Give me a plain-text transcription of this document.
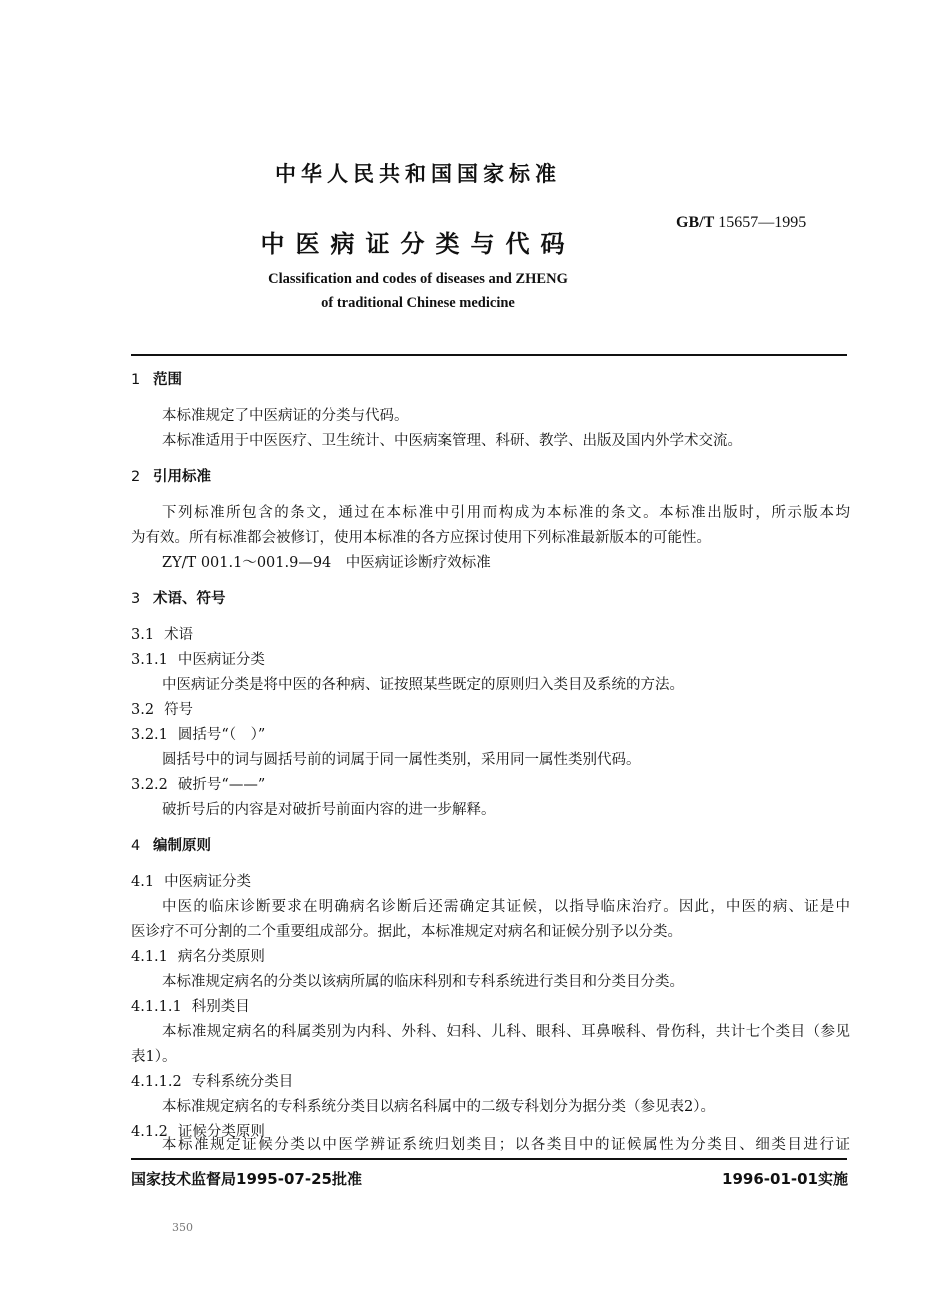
中华人民共和国国家标准
GB/T 15657—1995
中医病证分类与代码
Classification and codes of diseases and ZHENG
of traditional Chinese medicine
1 范围
本标准规定了中医病证的分类与代码。
本标准适用于中医医疗、卫生统计、中医病案管理、科研、教学、出版及国内外学术交流。
2 引用标准
下列标准所包含的条文，通过在本标准中引用而构成为本标准的条文。本标准出版时，所示版本均
为有效。所有标准都会被修订，使用本标准的各方应探讨使用下列标准最新版本的可能性。
ZY/T 001.1～001.9—94　中医病证诊断疗效标准
3 术语、符号
3.1 术语
3.1.1 中医病证分类
中医病证分类是将中医的各种病、证按照某些既定的原则归入类目及系统的方法。
3.2 符号
3.2.1 圆括号“（　）”
圆括号中的词与圆括号前的词属于同一属性类别，采用同一属性类别代码。
3.2.2 破折号“——”
破折号后的内容是对破折号前面内容的进一步解释。
4 编制原则
4.1 中医病证分类
中医的临床诊断要求在明确病名诊断后还需确定其证候，以指导临床治疗。因此，中医的病、证是中
医诊疗不可分割的二个重要组成部分。据此，本标准规定对病名和证候分别予以分类。
4.1.1 病名分类原则
本标准规定病名的分类以该病所属的临床科别和专科系统进行类目和分类目分类。
4.1.1.1 科别类目
本标准规定病名的科属类别为内科、外科、妇科、儿科、眼科、耳鼻喉科、骨伤科，共计七个类目（参见
表1）。
4.1.1.2 专科系统分类目
本标准规定病名的专科系统分类目以病名科属中的二级专科划分为据分类（参见表2）。
4.1.2 证候分类原则
本标准规定证候分类以中医学辨证系统归划类目；以各类目中的证候属性为分类目、细类目进行证
国家技术监督局1995-07-25批准	1996-01-01实施
350
